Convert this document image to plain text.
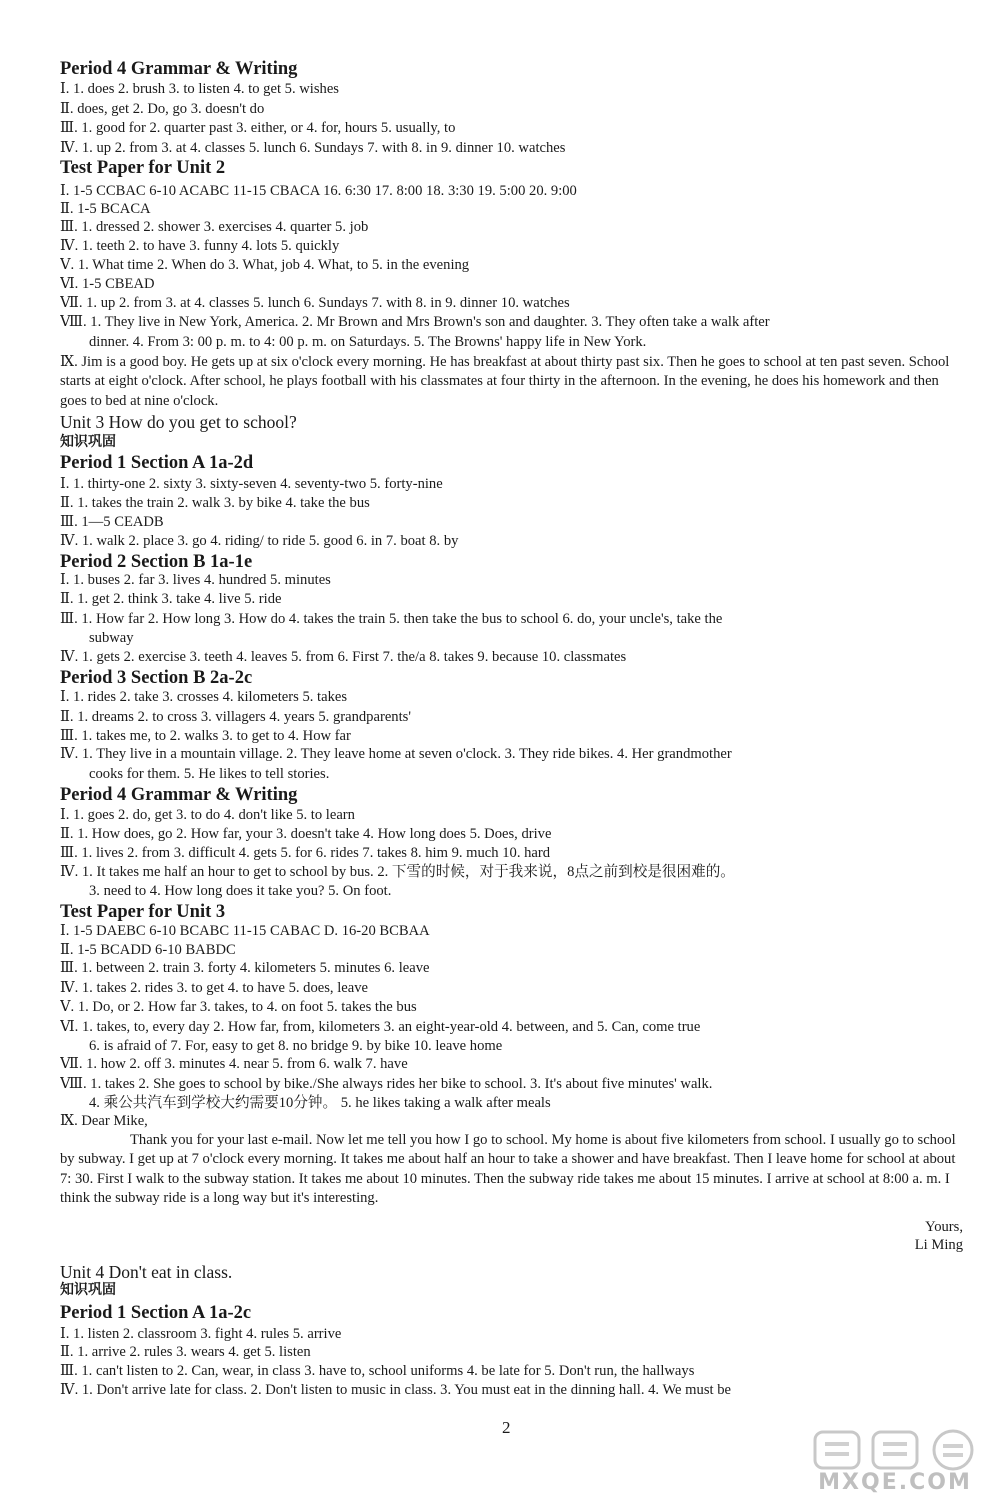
Period 4 Grammar & Writing
Ⅰ. 1. does 2. brush 3. to listen 4. to get 5. wishes
Ⅱ. does, get 2. Do, go 3. doesn't do
Ⅲ. 1. good for 2. quarter past 3. either, or 4. for, hours 5. usually, to
Ⅳ. 1. up 2. from 3. at 4. classes 5. lunch 6. Sundays 7. with 8. in 9. dinner 10. watches
Test Paper for Unit 2
Ⅰ. 1-5 CCBAC 6-10 ACABC 11-15 CBACA 16. 6:30 17. 8:00 18. 3:30 19. 5:00 20. 9:00
Ⅱ. 1-5 BCACA
Ⅲ. 1. dressed 2. shower 3. exercises 4. quarter 5. job
Ⅳ. 1. teeth 2. to have 3. funny 4. lots 5. quickly
Ⅴ. 1. What time 2. When do 3. What, job 4. What, to 5. in the evening
Ⅵ. 1-5 CBEAD
Ⅶ. 1. up 2. from 3. at 4. classes 5. lunch 6. Sundays 7. with 8. in 9. dinner 10. watches
Ⅷ. 1. They live in New York, America. 2. Mr Brown and Mrs Brown's son and daughter. 3. They often take a walk after
dinner. 4. From 3: 00 p. m. to 4: 00 p. m. on Saturdays. 5. The Browns' happy life in New York.
Ⅸ. Jim is a good boy. He gets up at six o'clock every morning. He has breakfast at about thirty past six. Then he goes to school at ten past seven. School starts at eight o'clock. After school, he plays football with his classmates at four thirty in the afternoon. In the evening, he does his homework and then goes to bed at nine o'clock.
Unit 3 How do you get to school?
知识巩固
Period 1 Section A 1a-2d
Ⅰ. 1. thirty-one 2. sixty 3. sixty-seven 4. seventy-two 5. forty-nine
Ⅱ. 1. takes the train 2. walk 3. by bike 4. take the bus
Ⅲ. 1—5 CEADB
Ⅳ. 1. walk 2. place 3. go 4. riding/ to ride 5. good 6. in 7. boat 8. by
Period 2 Section B 1a-1e
Ⅰ. 1. buses 2. far 3. lives 4. hundred 5. minutes
Ⅱ. 1. get 2. think 3. take 4. live 5. ride
Ⅲ. 1. How far 2. How long 3. How do 4. takes the train 5. then take the bus to school 6. do, your uncle's, take the
subway
Ⅳ. 1. gets 2. exercise 3. teeth 4. leaves 5. from 6. First 7. the/a 8. takes 9. because 10. classmates
Period 3 Section B 2a-2c
Ⅰ. 1. rides 2. take 3. crosses 4. kilometers 5. takes
Ⅱ. 1. dreams 2. to cross 3. villagers 4. years 5. grandparents'
Ⅲ. 1. takes me, to 2. walks 3. to get to 4. How far
Ⅳ. 1. They live in a mountain village. 2. They leave home at seven o'clock. 3. They ride bikes. 4. Her grandmother
cooks for them. 5. He likes to tell stories.
Period 4 Grammar & Writing
Ⅰ. 1. goes 2. do, get 3. to do 4. don't like 5. to learn
Ⅱ. 1. How does, go 2. How far, your 3. doesn't take 4. How long does 5. Does, drive
Ⅲ. 1. lives 2. from 3. difficult 4. gets 5. for 6. rides 7. takes 8. him 9. much 10. hard
Ⅳ. 1. It takes me half an hour to get to school by bus. 2. 下雪的时候，对于我来说，8点之前到校是很困难的。
3. need to 4. How long does it take you? 5. On foot.
Test Paper for Unit 3
Ⅰ. 1-5 DAEBC 6-10 BCABC 11-15 CABAC D. 16-20 BCBAA
Ⅱ. 1-5 BCADD 6-10 BABDC
Ⅲ. 1. between 2. train 3. forty 4. kilometers 5. minutes 6. leave
Ⅳ. 1. takes 2. rides 3. to get 4. to have 5. does, leave
Ⅴ. 1. Do, or 2. How far 3. takes, to 4. on foot 5. takes the bus
Ⅵ. 1. takes, to, every day 2. How far, from, kilometers 3. an eight-year-old 4. between, and 5. Can, come true
6. is afraid of 7. For, easy to get 8. no bridge 9. by bike 10. leave home
Ⅶ. 1. how 2. off 3. minutes 4. near 5. from 6. walk 7. have
Ⅷ. 1. takes 2. She goes to school by bike./She always rides her bike to school. 3. It's about five minutes' walk.
4. 乘公共汽车到学校大约需要10分钟。 5. he likes taking a walk after meals
Ⅸ. Dear Mike,
Thank you for your last e-mail. Now let me tell you how I go to school. My home is about five kilometers from school. I usually go to school by subway. I get up at 7 o'clock every morning. It takes me about half an hour to take a shower and have breakfast. Then I leave home for school at about 7: 30. First I walk to the subway station. It takes me about 10 minutes. Then the subway ride takes me about 15 minutes. I arrive at school at 8:00 a. m. I think the subway ride is a long way but it's interesting.
Yours,
Li Ming
Unit 4 Don't eat in class.
知识巩固
Period 1 Section A 1a-2c
Ⅰ. 1. listen 2. classroom 3. fight 4. rules 5. arrive
Ⅱ. 1. arrive 2. rules 3. wears 4. get 5. listen
Ⅲ. 1. can't listen to 2. Can, wear, in class 3. have to, school uniforms 4. be late for 5. Don't run, the hallways
Ⅳ. 1. Don't arrive late for class. 2. Don't listen to music in class. 3. You must eat in the dinning hall. 4. We must be
2
MXQE.COM
